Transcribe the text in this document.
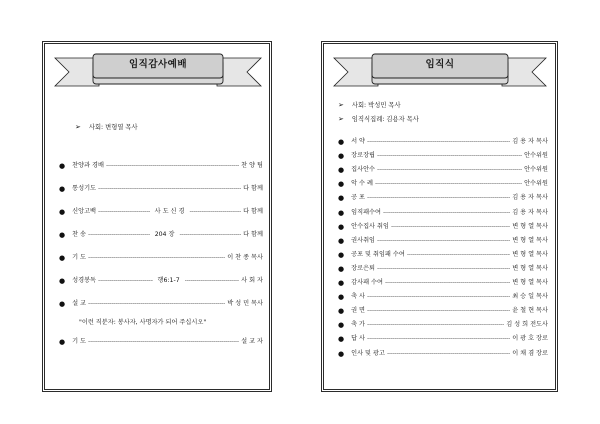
임직감사예배
➢ 사회: 변형열 목사
● 찬양과 경배 -----	찬 양 팀
● 통성기도 -----	다 함께
● 신앙고백 -----	사 도 신 경 -----	다 함께
● 찬 송 -----	204 장 -----	다 함께
● 기 도 -----	이 찬 종 목사
● 성경봉독 -----	행6:1-7 -----	사 회 자
● 설 교 -----	박 성 민 목사
"이런 직분자: 봉사자, 사명자가 되어 주십시오"
● 기 도 -----	설 교 자
임직식
➢ 사회: 박성민 목사
➢ 임직식집례: 김용자 목사
● 서 약 -----	김 용 자 목사
● 장로장립 -----	안수위원
● 집사안수 -----	안수위원
● 악 수 례 -----	안수위원
● 공 포 -----	김 용 자 목사
● 임직패수여 -----	김 용 자 목사
● 안수집사 취임 -----	변 형 열 목사
● 권사취임 -----	변 형 열 목사
● 공포 및 취임패 수여 -----	변 형 열 목사
● 장로은퇴 -----	변 형 열 목사
● 감사패 수여 -----	변 형 열 목사
● 축 사 -----	최 승 일 목사
● 권 면 -----	윤 철 현 목사
● 축 가 -----	김 성 희 전도사
● 답 사 -----	이 광 호 장로
● 인사 및 광고 -----	이 채 겸 장로
